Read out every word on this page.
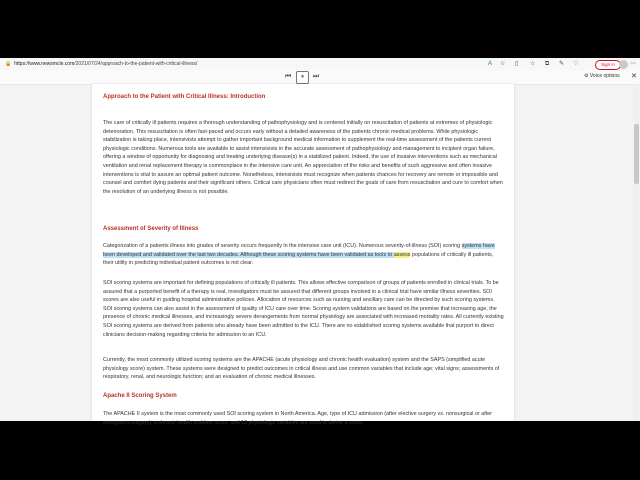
🔒 https://www.newsmcle.com/2021/07/24/approach-to-the-patient-with-critical-illness/	A ☆ ▯ ☆ ⧉ ✎ ♡	Sign in	⋯
⏮	⏸	⏭	⚙ Voice options ✕
Approach to the Patient with Critical Illness: Introduction

The care of critically ill patients requires a thorough understanding of pathophysiology and is centered initially on resuscitation of patients at extremes of physiologic deterioration. This resuscitation is often fast-paced and occurs early without a detailed awareness of the patients chronic medical problems. While physiologic stabilization is taking place, intensivists attempt to gather important background medical information to supplement the real-time assessment of the patients current physiologic conditions. Numerous tools are available to assist intensivists in the accurate assessment of pathophysiology and management to incipient organ failure, offering a window of opportunity for diagnosing and treating underlying disease(s) in a stabilized patient. Indeed, the use of invasive interventions such as mechanical ventilation and renal replacement therapy is commonplace in the intensive care unit. An appreciation of the risks and benefits of such aggressive and often invasive interventions is vital to assure an optimal patient outcome. Nonetheless, intensivists must recognize when patients chances for recovery are remote or impossible and counsel and comfort dying patients and their significant others. Critical care physicians often must redirect the goals of care from resuscitation and cure to comfort when the resolution of an underlying illness is not possible.

Assessment of Severity of Illness

Categorization of a patients illness into grades of severity occurs frequently in the intensive care unit (ICU). Numerous severity-of-illness (SOI) scoring systems have been developed and validated over the last two decades. Although these scoring systems have been validated as tools to assess populations of critically ill patients, their utility in predicting individual patient outcomes is not clear.

SOI scoring systems are important for defining populations of critically ill patients. This allows effective comparison of groups of patients enrolled in clinical trials. To be assured that a purported benefit of a therapy is real, investigators must be assured that different groups involved in a clinical trial have similar illness severities. SOI scores are also useful in guiding hospital administrative policies. Allocation of resources such as nursing and ancillary care can be directed by such scoring systems. SOI scoring systems can also assist in the assessment of quality of ICU care over time. Scoring system validations are based on the premise that increasing age, the presence of chronic medical illnesses, and increasingly severe derangements from normal physiology are associated with increased mortality rates. All currently existing SOI scoring systems are derived from patients who already have been admitted to the ICU. There are no established scoring systems available that purport to direct clinicians decision-making regarding criteria for admission to an ICU.

Currently, the most commonly utilized scoring systems are the APACHE (acute physiology and chronic health evaluation) system and the SAPS (simplified acute physiology score) system. These systems were designed to predict outcomes in critical illness and use common variables that include age; vital signs; assessments of respiratory, renal, and neurologic function; and an evaluation of chronic medical illnesses.

Apache II Scoring System

The APACHE II system is the most commonly used SOI scoring system in North America. Age, type of ICU admission (after elective surgery vs. nonsurgical or after emergency surgery), a chronic health problem score, and 12 physiologic variables are used to derive a score.
